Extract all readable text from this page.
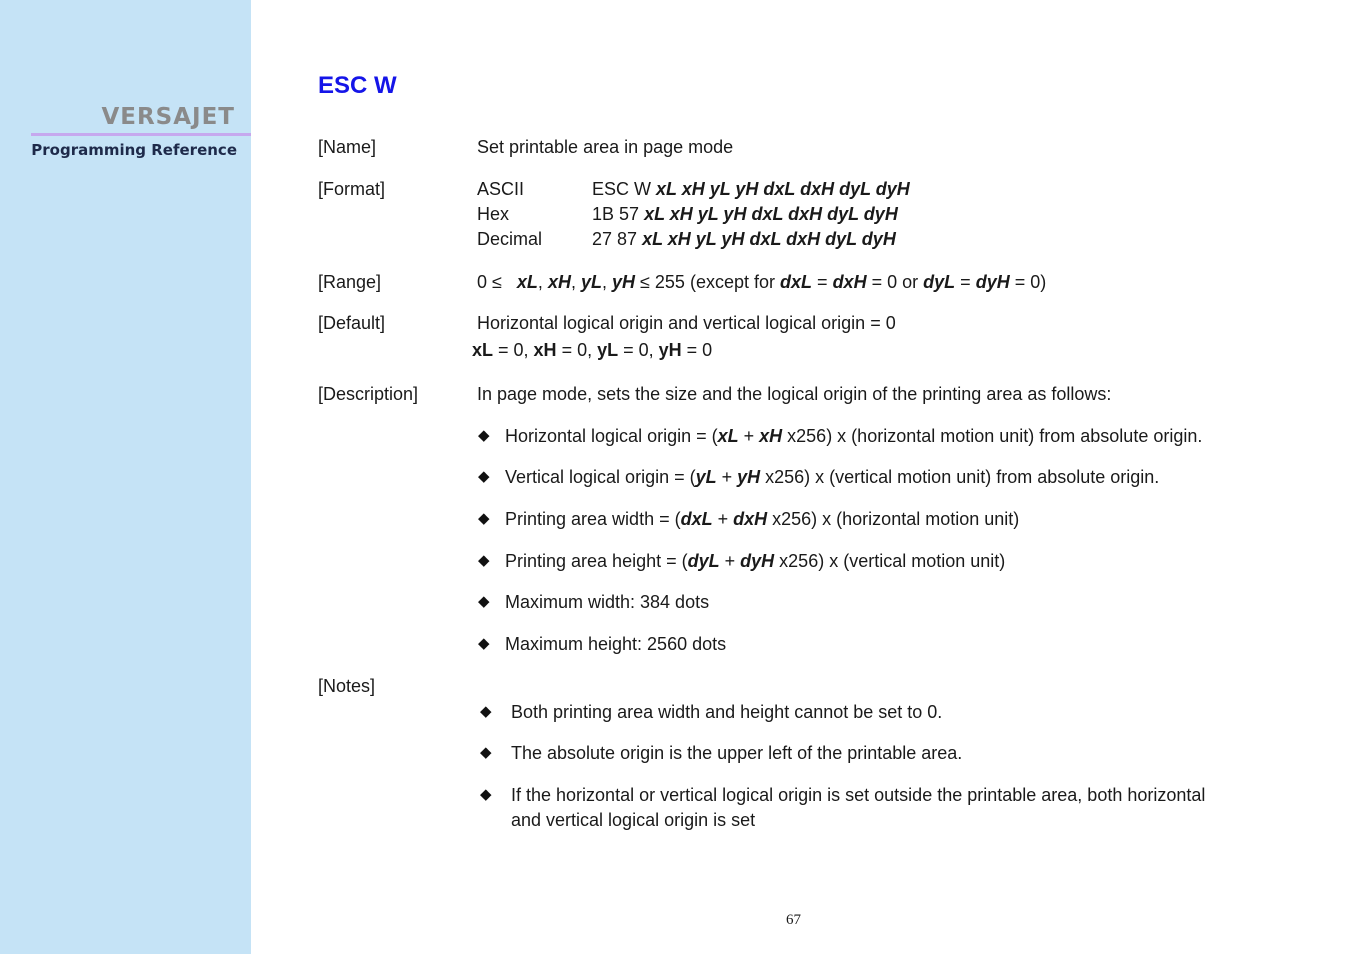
VERSAJET
Programming Reference
ESC W
[Name]	Set printable area in page mode
[Format]	ASCII	ESC W xL xH yL yH dxL dxH dyL dyH
Hex	1B 57 xL xH yL yH dxL dxH dyL dyH
Decimal	27 87 xL xH yL yH dxL dxH dyL dyH
[Range]	0 ≤ xL, xH, yL, yH ≤ 255 (except for dxL = dxH = 0 or dyL = dyH = 0)
[Default]	Horizontal logical origin and vertical logical origin = 0
xL = 0, xH = 0, yL = 0, yH = 0
[Description]	In page mode, sets the size and the logical origin of the printing area as follows:
◆ Horizontal logical origin = (xL + xH x256) x (horizontal motion unit) from absolute origin.
◆ Vertical logical origin = (yL + yH x256) x (vertical motion unit) from absolute origin.
◆ Printing area width = (dxL + dxH x256) x (horizontal motion unit)
◆ Printing area height = (dyL + dyH x256) x (vertical motion unit)
◆ Maximum width: 384 dots
◆ Maximum height: 2560 dots
[Notes]
◆ Both printing area width and height cannot be set to 0.
◆ The absolute origin is the upper left of the printable area.
◆ If the horizontal or vertical logical origin is set outside the printable area, both horizontal
and vertical logical origin is set
67
